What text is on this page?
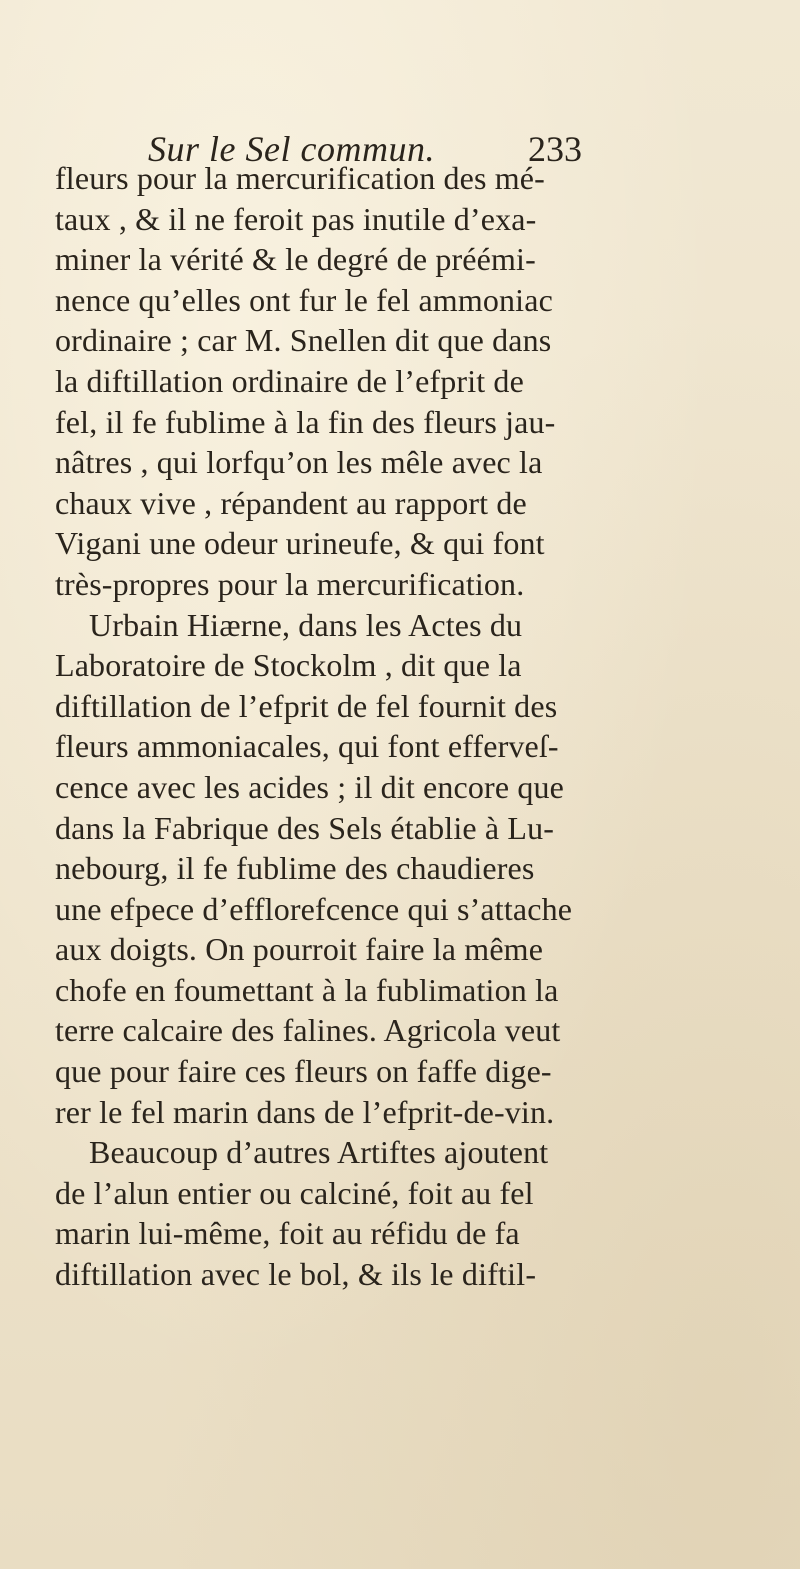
Sur le Sel commun.	233
fleurs pour la mercurification des mé-
taux , & il ne feroit pas inutile d’exa-
miner la vérité & le degré de préémi-
nence qu’elles ont fur le fel ammoniac
ordinaire ; car M. Snellen dit que dans
la diftillation ordinaire de l’efprit de
fel, il fe fublime à la fin des fleurs jau-
nâtres , qui lorfqu’on les mêle avec la
chaux vive , répandent au rapport de
Vigani une odeur urineufe, & qui font
très-propres pour la mercurification.
Urbain Hiærne, dans les Actes du
Laboratoire de Stockolm , dit que la
diftillation de l’efprit de fel fournit des
fleurs ammoniacales, qui font efferveſ-
cence avec les acides ; il dit encore que
dans la Fabrique des Sels établie à Lu-
nebourg, il fe fublime des chaudieres
une efpece d’efflorefcence qui s’attache
aux doigts. On pourroit faire la même
chofe en foumettant à la fublimation la
terre calcaire des falines. Agricola veut
que pour faire ces fleurs on faffe dige-
rer le fel marin dans de l’efprit-de-vin.
Beaucoup d’autres Artiftes ajoutent
de l’alun entier ou calciné, foit au fel
marin lui-même, foit au réfidu de fa
diftillation avec le bol, & ils le diftil-
